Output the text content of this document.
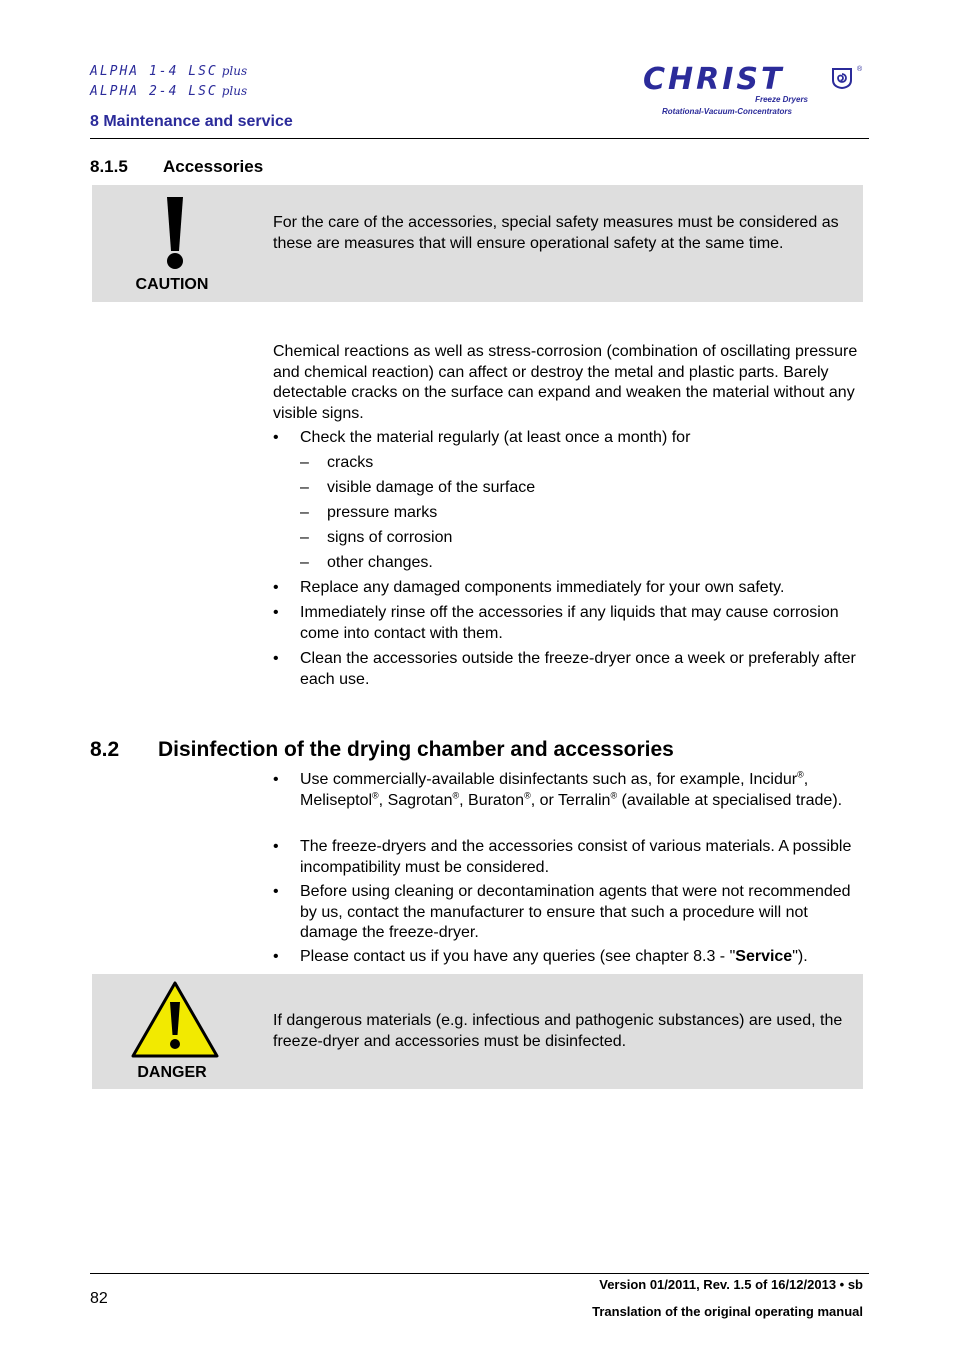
ALPHA 1-4 LSC plus
ALPHA 2-4 LSC plus
8 Maintenance and service
CHRIST	®
Freeze Dryers
Rotational-Vacuum-Concentrators
8.1.5 Accessories
CAUTION
For the care of the accessories, special safety measures must be considered as these are measures that will ensure operational safety at the same time.
Chemical reactions as well as stress-corrosion (combination of oscillating pressure and chemical reaction) can affect or destroy the metal and plastic parts. Barely detectable cracks on the surface can expand and weaken the material without any visible signs.
• Check the material regularly (at least once a month) for
– cracks
– visible damage of the surface
– pressure marks
– signs of corrosion
– other changes.
• Replace any damaged components immediately for your own safety.
• Immediately rinse off the accessories if any liquids that may cause corrosion come into contact with them.
• Clean the accessories outside the freeze-dryer once a week or preferably after each use.
8.2 Disinfection of the drying chamber and accessories
• Use commercially-available disinfectants such as, for example, Incidur®, Meliseptol®, Sagrotan®, Buraton®, or Terralin® (available at specialised trade).
• The freeze-dryers and the accessories consist of various materials. A possible incompatibility must be considered.
• Before using cleaning or decontamination agents that were not recommended by us, contact the manufacturer to ensure that such a procedure will not damage the freeze-dryer.
• Please contact us if you have any queries (see chapter 8.3 - "Service").
DANGER
If dangerous materials (e.g. infectious and pathogenic substances) are used, the freeze-dryer and accessories must be disinfected.
82
Version 01/2011, Rev. 1.5 of 16/12/2013 • sb
Translation of the original operating manual
